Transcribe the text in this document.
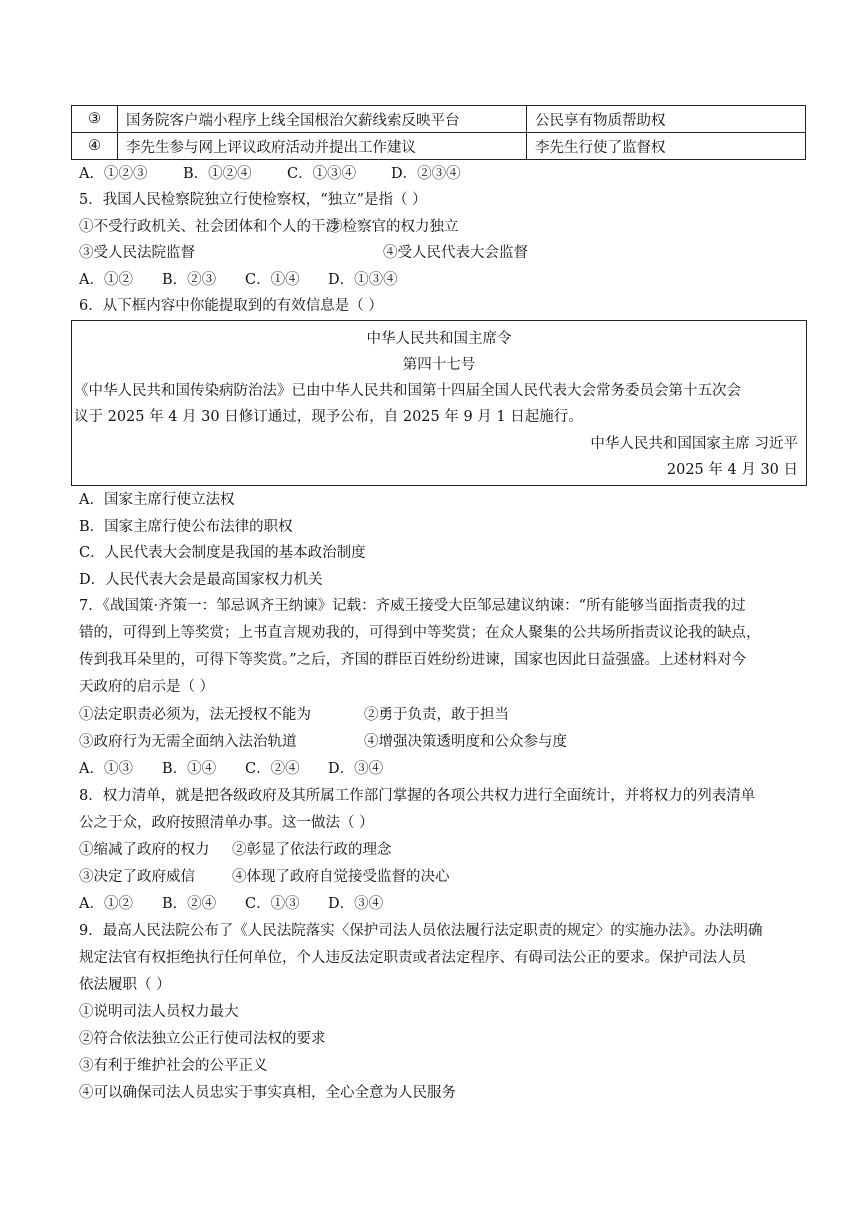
③	国务院客户端小程序上线全国根治欠薪线索反映平台	公民享有物质帮助权
④	李先生参与网上评议政府活动并提出工作建议	李先生行使了监督权
A．①②③ B．①②④ C．①③④ D．②③④
5．我国人民检察院独立行使检察权，“独立”是指（ ）
①不受行政机关、社会团体和个人的干涉
②检察官的权力独立
③受人民法院监督	④受人民代表大会监督
A．①② B．②③ C．①④ D．①③④
6．从下框内容中你能提取到的有效信息是（ ）
中华人民共和国主席令
第四十七号
《中华人民共和国传染病防治法》已由中华人民共和国第十四届全国人民代表大会常务委员会第十五次会
议于 2025 年 4 月 30 日修订通过，现予公布，自 2025 年 9 月 1 日起施行。
中华人民共和国国家主席 习近平
2025 年 4 月 30 日
A．国家主席行使立法权
B．国家主席行使公布法律的职权
C．人民代表大会制度是我国的基本政治制度
D．人民代表大会是最高国家权力机关
7．《战国策·齐策一：邹忌讽齐王纳谏》记载：齐威王接受大臣邹忌建议纳谏：“所有能够当面指责我的过
错的，可得到上等奖赏；上书直言规劝我的，可得到中等奖赏；在众人聚集的公共场所指责议论我的缺点，
传到我耳朵里的，可得下等奖赏。”之后，齐国的群臣百姓纷纷进谏，国家也因此日益强盛。上述材料对今
天政府的启示是（ ）
①法定职责必须为，法无授权不能为	②勇于负责，敢于担当
③政府行为无需全面纳入法治轨道	④增强决策透明度和公众参与度
A．①③ B．①④ C．②④ D．③④
8．权力清单，就是把各级政府及其所属工作部门掌握的各项公共权力进行全面统计，并将权力的列表清单
公之于众，政府按照清单办事。这一做法（ ）
①缩减了政府的权力 ②彰显了依法行政的理念
③决定了政府威信	④体现了政府自觉接受监督的决心
A．①② B．②④ C．①③ D．③④
9．最高人民法院公布了《人民法院落实〈保护司法人员依法履行法定职责的规定〉的实施办法》。办法明确
规定法官有权拒绝执行任何单位，个人违反法定职责或者法定程序、有碍司法公正的要求。保护司法人员
依法履职（ ）
①说明司法人员权力最大
②符合依法独立公正行使司法权的要求
③有利于维护社会的公平正义
④可以确保司法人员忠实于事实真相，全心全意为人民服务
